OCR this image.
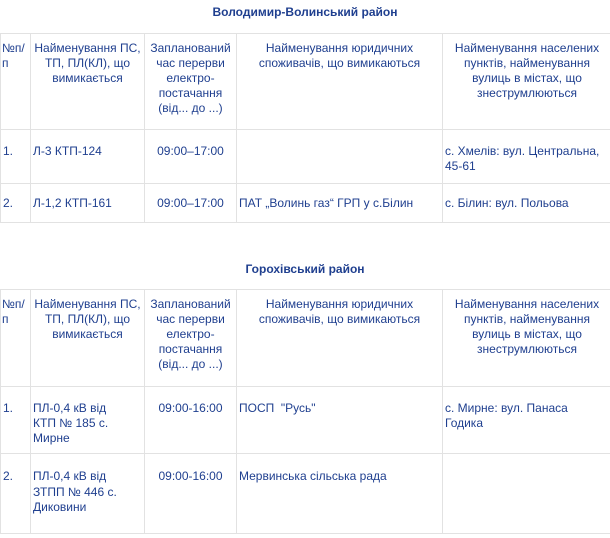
Володимир-Волинський район
№п/п	Найменування ПС, ТП, ПЛ(КЛ), що вимикається	Запланований час перерви електро-постачання (від... до ...)	Найменування юридичних споживачів, що вимикаються	Найменування населених пунктів, найменування вулиць в містах, що знеструмлюються

1.	Л-3 КТП-124	09:00–17:00		с. Хмелів: вул. Центральна, 45-61

2.	Л-1,2 КТП-161	09:00–17:00	ПАТ „Волинь газ“ ГРП у с.Білин	с. Білин: вул. Польова
Горохівський район
№п/п	Найменування ПС, ТП, ПЛ(КЛ), що вимикається	Запланований час перерви електро-постачання (від... до ...)	Найменування юридичних споживачів, що вимикаються	Найменування населених пунктів, найменування вулиць в містах, що знеструмлюються

1.	ПЛ-0,4 кВ від КТП № 185 с. Мирне	09:00-16:00	ПОСП  "Русь"	с. Мирне: вул. Панаса Годика

2.	ПЛ-0,4 кВ від ЗТПП № 446 с. Диковини	09:00-16:00	Мервинська сільська рада	
